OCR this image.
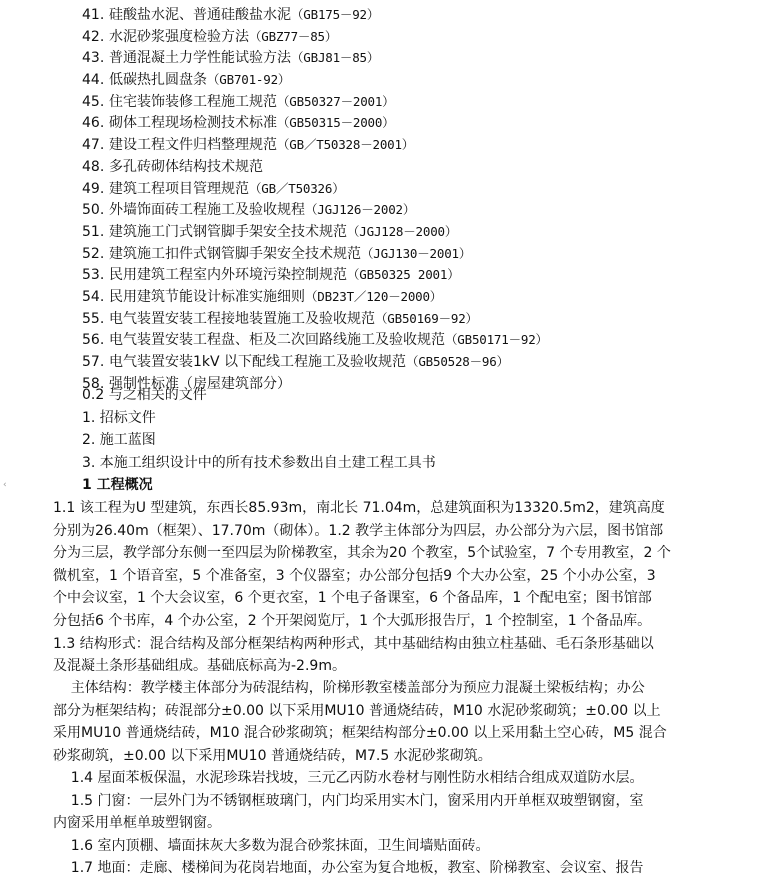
41. 硅酸盐水泥、普通硅酸盐水泥（GB175－92）
42. 水泥砂浆强度检验方法（GBZ77－85）
43. 普通混凝土力学性能试验方法（GBJ81－85）
44. 低碳热扎圆盘条（GB701-92）
45. 住宅装饰装修工程施工规范（GB50327－2001）
46. 砌体工程现场检测技术标准（GB50315－2000）
47. 建设工程文件归档整理规范（GB／T50328－2001）
48. 多孔砖砌体结构技术规范
49. 建筑工程项目管理规范（GB／T50326）
50. 外墙饰面砖工程施工及验收规程（JGJ126－2002）
51. 建筑施工门式钢管脚手架安全技术规范（JGJ128－2000）
52. 建筑施工扣件式钢管脚手架安全技术规范（JGJ130－2001）
53. 民用建筑工程室内外环境污染控制规范（GB50325 2001）
54. 民用建筑节能设计标准实施细则（DB23T／120－2000）
55. 电气装置安装工程接地装置施工及验收规范（GB50169－92）
56. 电气装置安装工程盘、柜及二次回路线施工及验收规范（GB50171－92）
57. 电气装置安装1kV 以下配线工程施工及验收规范（GB50528－96）
58. 强制性标准（房屋建筑部分）
0.2 与之相关的文件
1. 招标文件
2. 施工蓝图
3. 本施工组织设计中的所有技术参数出自土建工程工具书
1 工程概况
1.1 该工程为U 型建筑，东西长85.93m，南北长 71.04m，总建筑面积为13320.5m2，建筑高度
分别为26.40m（框架）、17.70m（砌体）。1.2 教学主体部分为四层，办公部分为六层，图书馆部
分为三层，教学部分东侧一至四层为阶梯教室，其余为20 个教室，5个试验室，7 个专用教室，2 个
微机室，1 个语音室，5 个准备室，3 个仪器室；办公部分包括9 个大办公室，25 个小办公室，3
个中会议室，1 个大会议室，6 个更衣室，1 个电子备课室，6 个备品库，1 个配电室；图书馆部
分包括6 个书库，4 个办公室，2 个开架阅览厅，1 个大弧形报告厅，1 个控制室，1 个备品库。
1.3 结构形式：混合结构及部分框架结构两种形式，其中基础结构由独立柱基础、毛石条形基础以
及混凝土条形基础组成。基础底标高为-2.9m。
主体结构：教学楼主体部分为砖混结构，阶梯形教室楼盖部分为预应力混凝土梁板结构；办公
部分为框架结构；砖混部分±0.00 以下采用MU10 普通烧结砖，M10 水泥砂浆砌筑；±0.00 以上
采用MU10 普通烧结砖，M10 混合砂浆砌筑；框架结构部分±0.00 以上采用黏土空心砖，M5 混合
砂浆砌筑，±0.00 以下采用MU10 普通烧结砖，M7.5 水泥砂浆砌筑。
1.4 屋面苯板保温，水泥珍珠岩找坡，三元乙丙防水卷材与刚性防水相结合组成双道防水层。
1.5 门窗：一层外门为不锈钢框玻璃门，内门均采用实木门，窗采用内开单框双玻塑钢窗，室
内窗采用单框单玻塑钢窗。
1.6 室内顶棚、墙面抹灰大多数为混合砂浆抹面，卫生间墙贴面砖。
1.7 地面：走廊、楼梯间为花岗岩地面，办公室为复合地板，教室、阶梯教室、会议室、报告
‹
